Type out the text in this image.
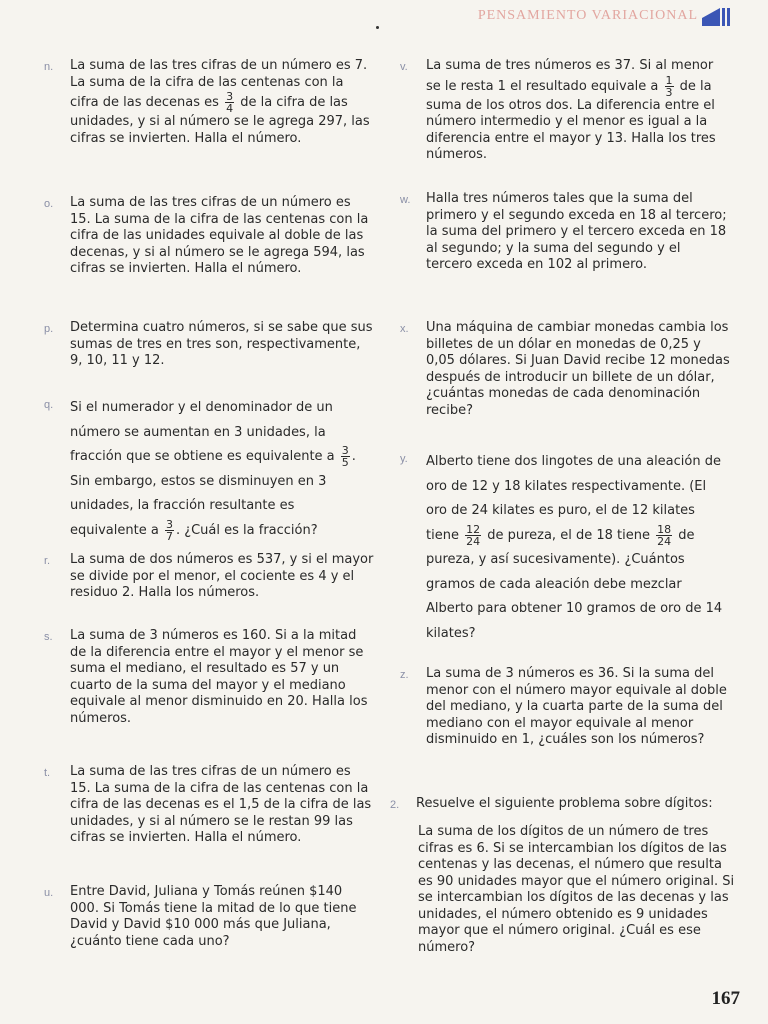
PENSAMIENTO VARIACIONAL
n.	La suma de las tres cifras de un número es 7. La suma de la cifra de las centenas con la cifra de las decenas es $\frac{3}{4}$ de la cifra de las unidades, y si al número se le agrega 297, las cifras se invierten. Halla el número.
o.	La suma de las tres cifras de un número es 15. La suma de la cifra de las centenas con la cifra de las unidades equivale al doble de las decenas, y si al número se le agrega 594, las cifras se invierten. Halla el número.
p.	Determina cuatro números, si se sabe que sus sumas de tres en tres son, respectivamente, 9, 10, 11 y 12.
q.	Si el numerador y el denominador de un número se aumentan en 3 unidades, la fracción que se obtiene es equivalente a $\frac{3}{5}$ . Sin embargo, estos se disminuyen en 3 unidades, la fracción resultante es equivalente a $\frac{3}{7}$ . ¿Cuál es la fracción?
r.	La suma de dos números es 537, y si el mayor se divide por el menor, el cociente es 4 y el residuo 2. Halla los números.
s.	La suma de 3 números es 160. Si a la mitad de la diferencia entre el mayor y el menor se suma el mediano, el resultado es 57 y un cuarto de la suma del mayor y el mediano equivale al menor disminuido en 20. Halla los números.
t.	La suma de las tres cifras de un número es 15. La suma de la cifra de las centenas con la cifra de las decenas es el 1,5 de la cifra de las unidades, y si al número se le restan 99 las cifras se invierten. Halla el número.
u.	Entre David, Juliana y Tomás reúnen $140 000. Si Tomás tiene la mitad de lo que tiene David y David $10 000 más que Juliana, ¿cuánto tiene cada uno?
v.	La suma de tres números es 37. Si al menor se le resta 1 el resultado equivale a $\frac{1}{3}$ de la suma de los otros dos. La diferencia entre el número intermedio y el menor es igual a la diferencia entre el mayor y 13. Halla los tres números.
w.	Halla tres números tales que la suma del primero y el segundo exceda en 18 al tercero; la suma del primero y el tercero exceda en 18 al segundo; y la suma del segundo y el tercero exceda en 102 al primero.
x.	Una máquina de cambiar monedas cambia los billetes de un dólar en monedas de 0,25 y 0,05 dólares. Si Juan David recibe 12 monedas después de introducir un billete de un dólar, ¿cuántas monedas de cada denominación recibe?
y.	Alberto tiene dos lingotes de una aleación de oro de 12 y 18 kilates respectivamente. (El oro de 24 kilates es puro, el de 12 kilates tiene $\frac{12}{24}$ de pureza, el de 18 tiene $\frac{18}{24}$ de pureza, y así sucesivamente). ¿Cuántos gramos de cada aleación debe mezclar Alberto para obtener 10 gramos de oro de 14 kilates?
z.	La suma de 3 números es 36. Si la suma del menor con el número mayor equivale al doble del mediano, y la cuarta parte de la suma del mediano con el mayor equivale al menor disminuido en 1, ¿cuáles son los números?
2.	Resuelve el siguiente problema sobre dígitos:
La suma de los dígitos de un número de tres cifras es 6. Si se intercambian los dígitos de las centenas y las decenas, el número que resulta es 90 unidades mayor que el número original. Si se intercambian los dígitos de las decenas y las unidades, el número obtenido es 9 unidades mayor que el número original. ¿Cuál es ese número?
167
